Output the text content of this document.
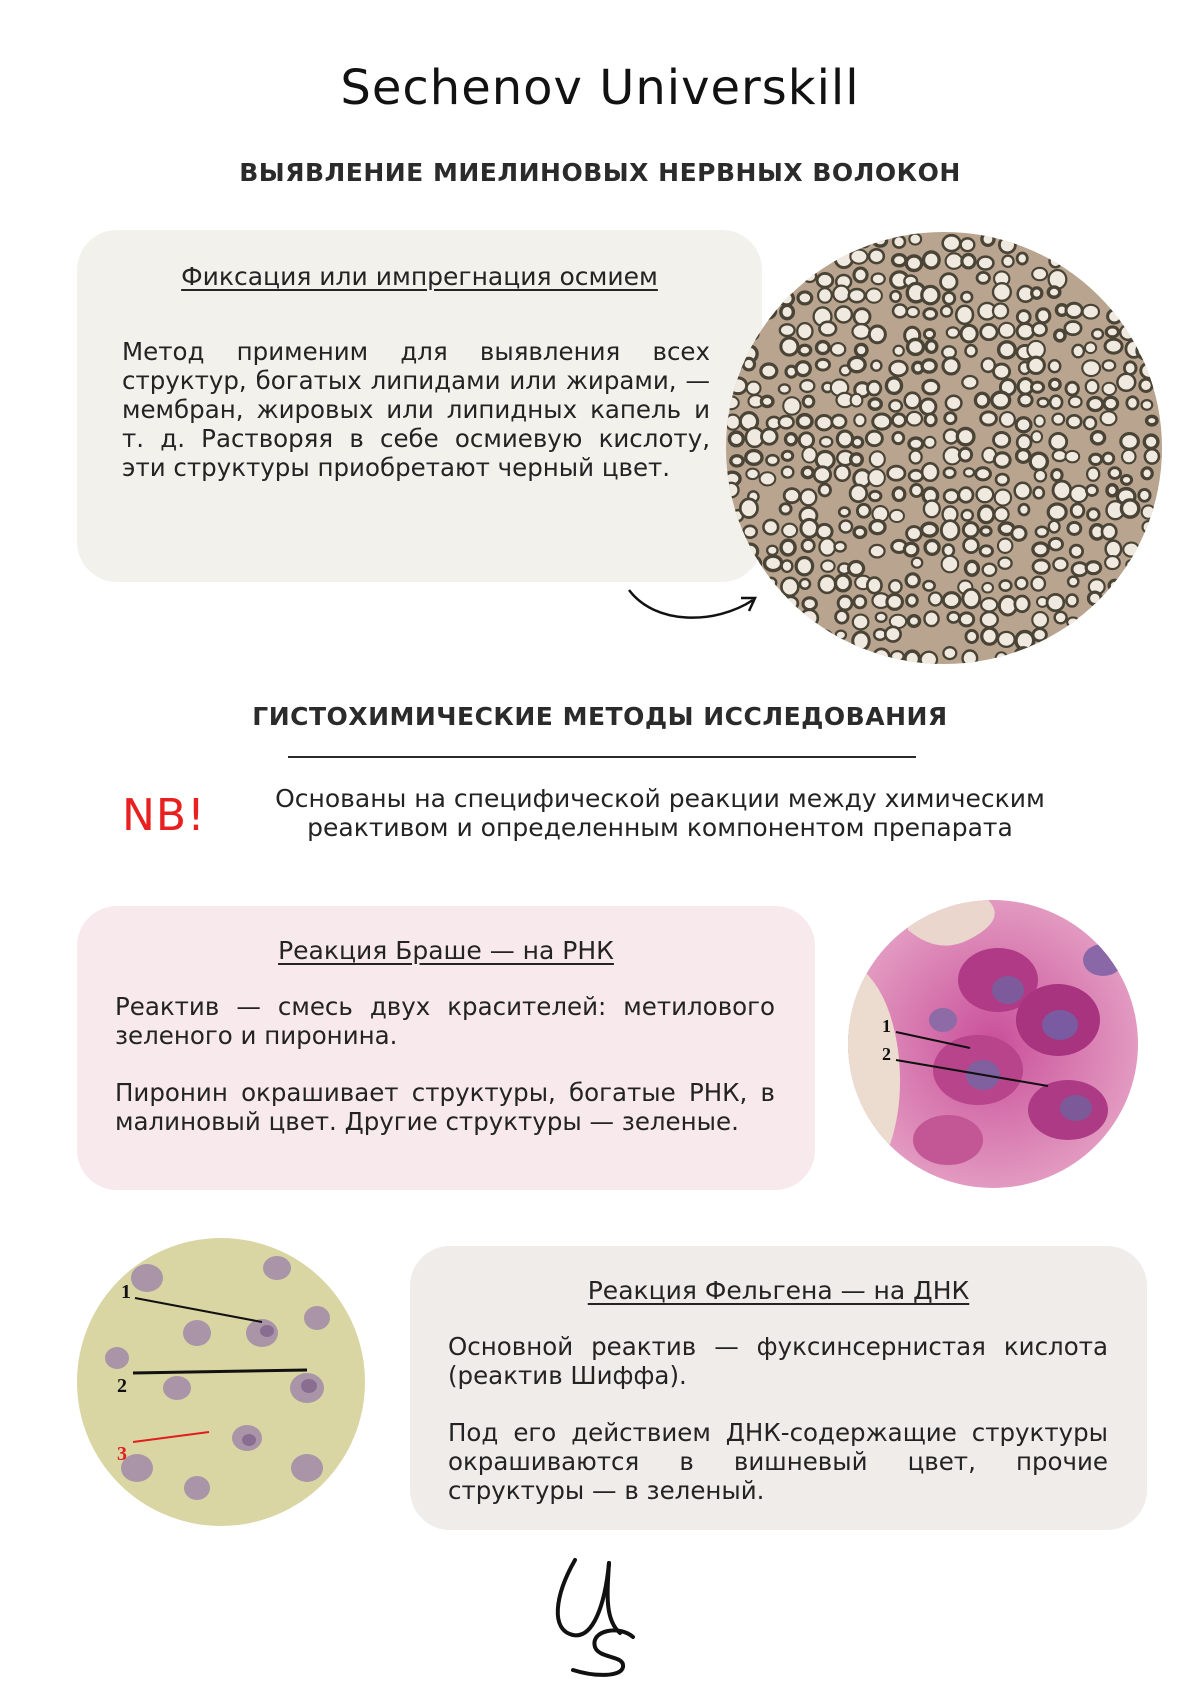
Sechenov Universkill
ВЫЯВЛЕНИЕ МИЕЛИНОВЫХ НЕРВНЫХ ВОЛОКОН
Фиксация или импрегнация осмием
Метод применим для выявления всех структур, богатых липидами или жирами, — мембран, жировых или липидных капель и т. д. Растворяя в себе осмиевую кислоту, эти структуры приобретают черный цвет.
ГИСТОХИМИЧЕСКИЕ МЕТОДЫ ИССЛЕДОВАНИЯ
NB!	Основаны на специфической реакции между химическим реактивом и определенным компонентом препарата
Реакция Браше — на РНК
Реактив — смесь двух красителей: метилового зеленого и пиронина.
Пиронин окрашивает структуры, богатые РНК, в малиновый цвет. Другие структуры — зеленые.
1
2
1
2
3
Реакция Фельгена — на ДНК
Основной реактив — фуксинсернистая кислота (реактив Шиффа).
Под его действием ДНК-содержащие структуры окрашиваются в вишневый цвет, прочие структуры — в зеленый.
